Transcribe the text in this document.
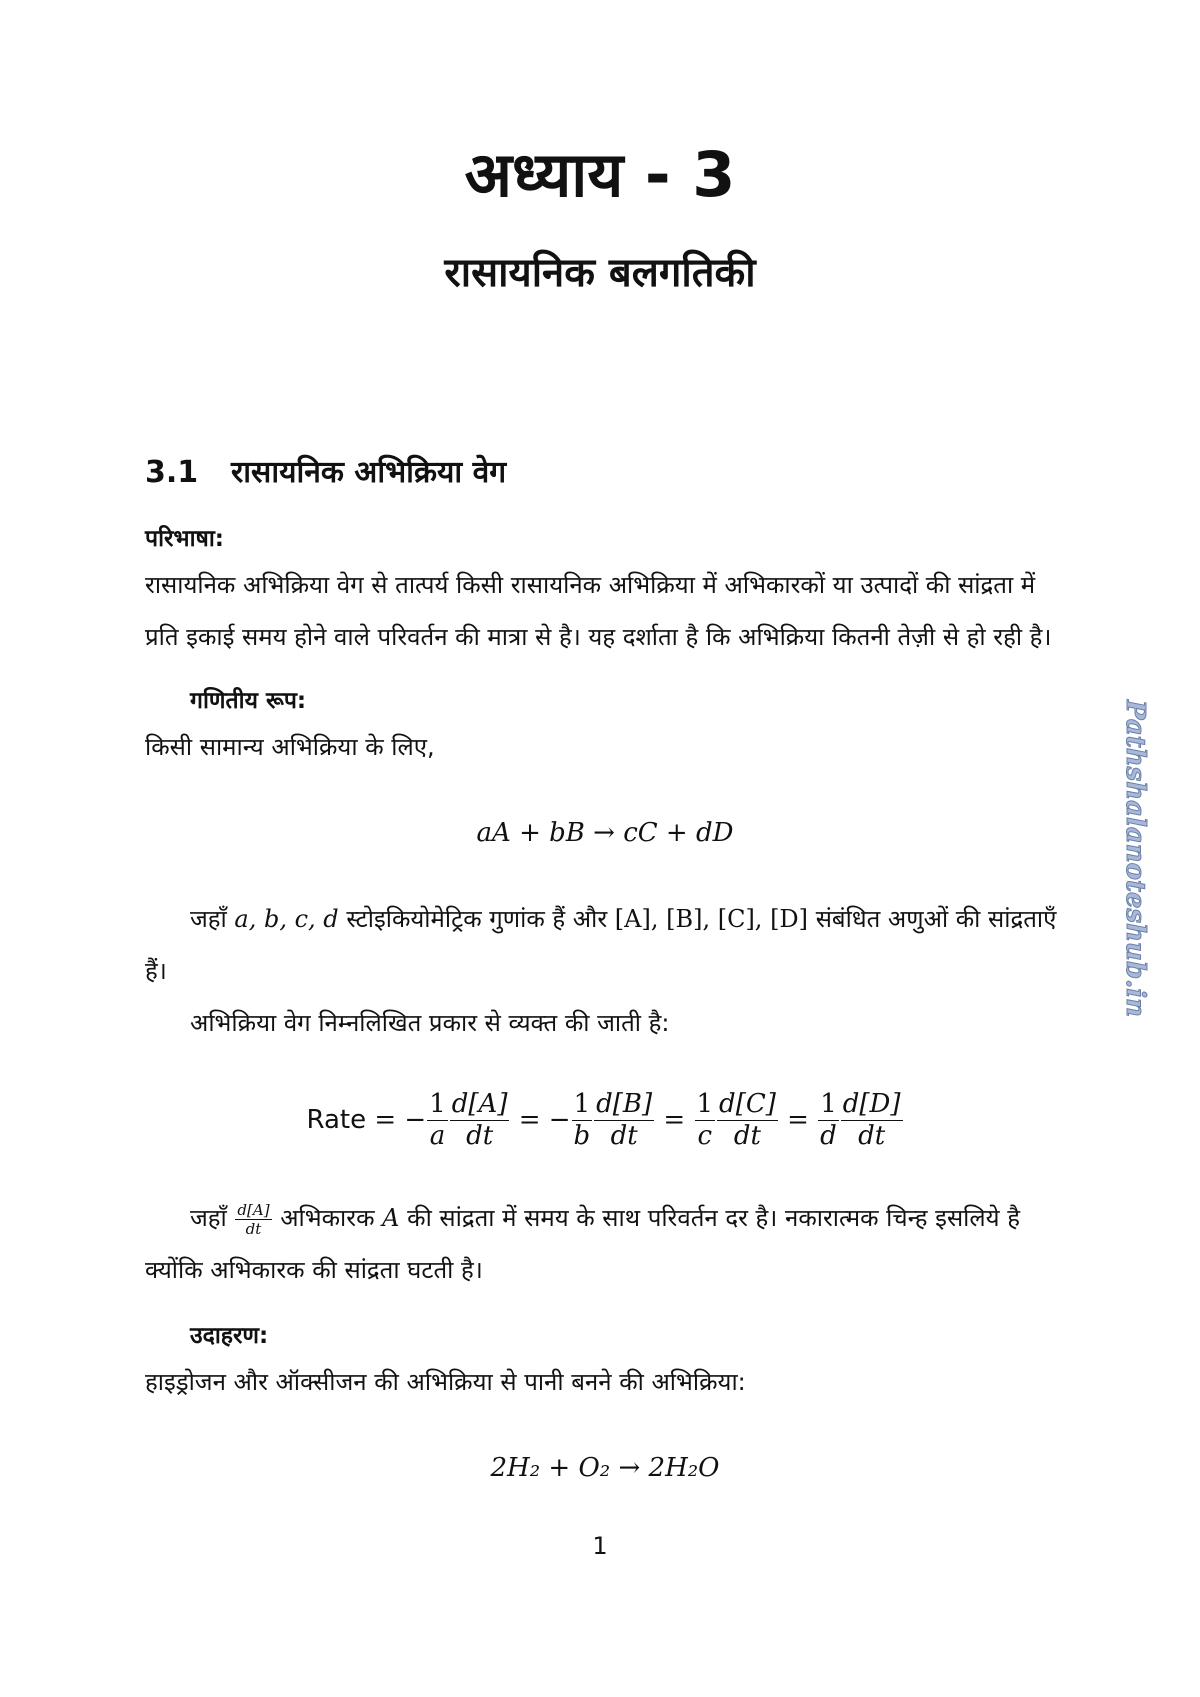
अध्याय - 3
रासायनिक बलगतिकी
3.1 रासायनिक अभिक्रिया वेग
परिभाषा:
रासायनिक अभिक्रिया वेग से तात्पर्य किसी रासायनिक अभिक्रिया में अभिकारकों या उत्पादों की सांद्रता में प्रति इकाई समय होने वाले परिवर्तन की मात्रा से है। यह दर्शाता है कि अभिक्रिया कितनी तेज़ी से हो रही है।
गणितीय रूप:
किसी सामान्य अभिक्रिया के लिए,
aA + bB → cC + dD
जहाँ a, b, c, d स्टोइकियोमेट्रिक गुणांक हैं और [A], [B], [C], [D] संबंधित अणुओं की सांद्रताएँ हैं।
अभिक्रिया वेग निम्नलिखित प्रकार से व्यक्त की जाती है:
Rate = − $\frac{1}{a} \frac{d[A]}{dt}$ = − $\frac{1}{b} \frac{d[B]}{dt} = \frac{1}{c} \frac{d[C]}{dt} = \frac{1}{d} \frac{d[D]}{dt}$
जहाँ $\frac{d[A]}{dt}$ अभिकारक A की सांद्रता में समय के साथ परिवर्तन दर है। नकारात्मक चिन्ह इसलिये है क्योंकि अभिकारक की सांद्रता घटती है।
उदाहरण:
हाइड्रोजन और ऑक्सीजन की अभिक्रिया से पानी बनने की अभिक्रिया:
2H₂ + O₂ → 2H₂O
1
Pathshalanoteshub.in
